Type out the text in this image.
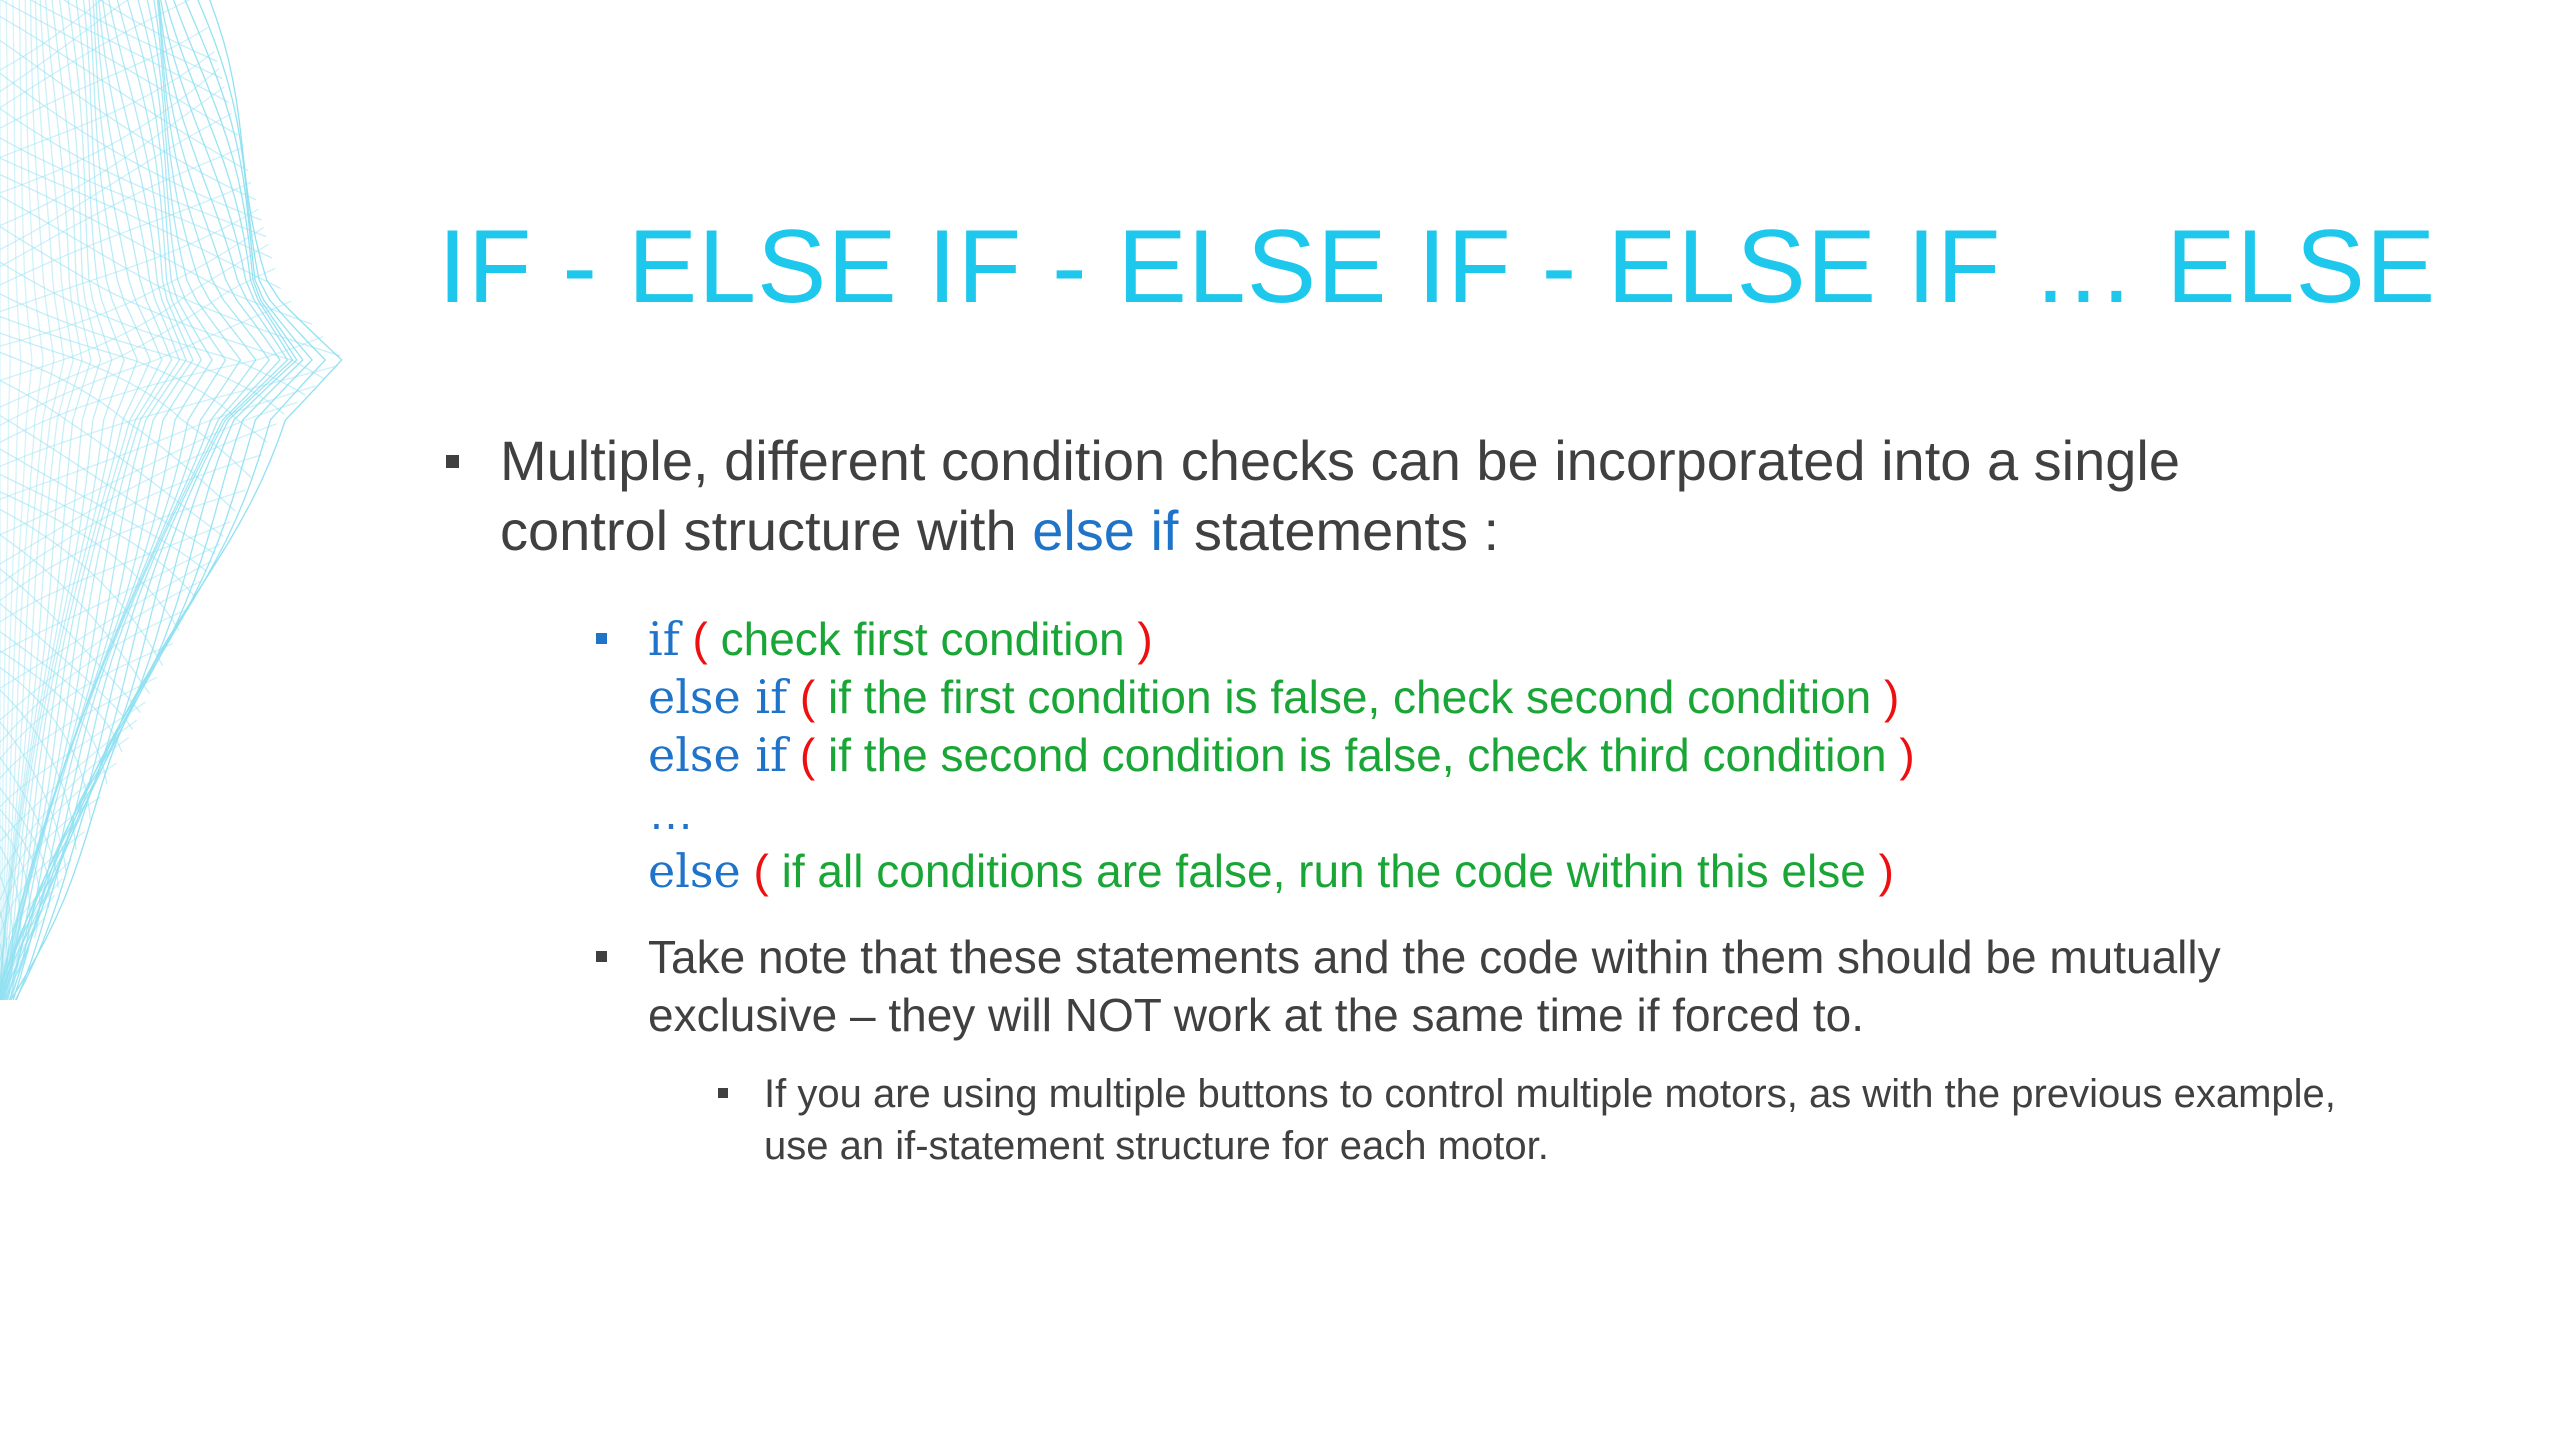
IF - ELSE IF - ELSE IF - ELSE IF … ELSE
Multiple, different condition checks can be incorporated into a single control structure with else if statements :
if ( check first condition )
else if ( if the first condition is false, check second condition )
else if ( if the second condition is false, check third condition )
…
else ( if all conditions are false, run the code within this else )
Take note that these statements and the code within them should be mutually exclusive – they will NOT work at the same time if forced to.
If you are using multiple buttons to control multiple motors, as with the previous example, use an if-statement structure for each motor.
